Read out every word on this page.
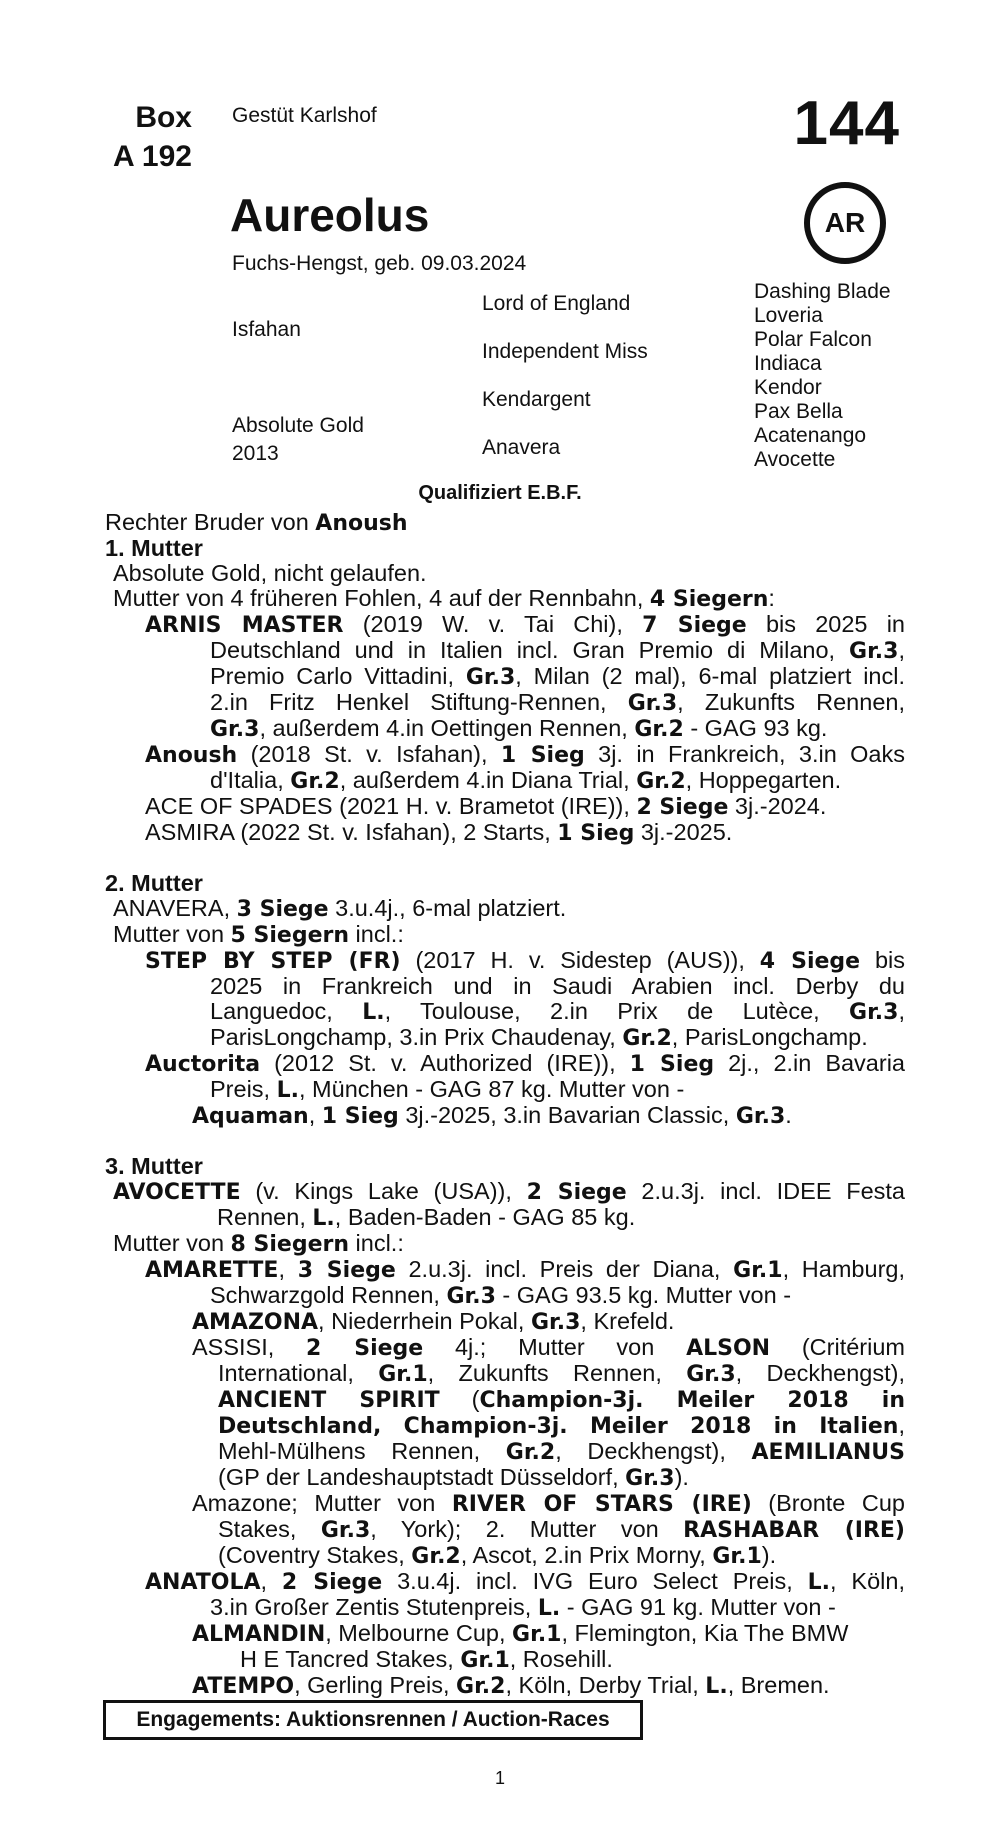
Box
A 192
Gestüt Karlshof	144
AR
Aureolus
Fuchs-Hengst, geb. 09.03.2024
Isfahan
Absolute Gold
2013
Lord of England
Independent Miss
Kendargent
Anavera
Dashing Blade
Loveria
Polar Falcon
Indiaca
Kendor
Pax Bella
Acatenango
Avocette
Qualifiziert E.B.F.
Rechter Bruder von Anoush
1. Mutter
Absolute Gold, nicht gelaufen.
Mutter von 4 früheren Fohlen, 4 auf der Rennbahn, 4 Siegern:
ARNIS MASTER (2019 W. v. Tai Chi), 7 Siege bis 2025 in
Deutschland und in Italien incl. Gran Premio di Milano, Gr.3,
Premio Carlo Vittadini, Gr.3, Milan (2 mal), 6-mal platziert incl.
2.in Fritz Henkel Stiftung-Rennen, Gr.3, Zukunfts Rennen,
Gr.3, außerdem 4.in Oettingen Rennen, Gr.2 - GAG 93 kg.
Anoush (2018 St. v. Isfahan), 1 Sieg 3j. in Frankreich, 3.in Oaks
d'Italia, Gr.2, außerdem 4.in Diana Trial, Gr.2, Hoppegarten.
ACE OF SPADES (2021 H. v. Brametot (IRE)), 2 Siege 3j.-2024.
ASMIRA (2022 St. v. Isfahan), 2 Starts, 1 Sieg 3j.-2025.
2. Mutter
ANAVERA, 3 Siege 3.u.4j., 6-mal platziert.
Mutter von 5 Siegern incl.:
STEP BY STEP (FR) (2017 H. v. Sidestep (AUS)), 4 Siege bis
2025 in Frankreich und in Saudi Arabien incl. Derby du
Languedoc, L., Toulouse, 2.in Prix de Lutèce, Gr.3,
ParisLongchamp, 3.in Prix Chaudenay, Gr.2, ParisLongchamp.
Auctorita (2012 St. v. Authorized (IRE)), 1 Sieg 2j., 2.in Bavaria
Preis, L., München - GAG 87 kg. Mutter von -
Aquaman, 1 Sieg 3j.-2025, 3.in Bavarian Classic, Gr.3.
3. Mutter
AVOCETTE (v. Kings Lake (USA)), 2 Siege 2.u.3j. incl. IDEE Festa
Rennen, L., Baden-Baden - GAG 85 kg.
Mutter von 8 Siegern incl.:
AMARETTE, 3 Siege 2.u.3j. incl. Preis der Diana, Gr.1, Hamburg,
Schwarzgold Rennen, Gr.3 - GAG 93.5 kg. Mutter von -
AMAZONA, Niederrhein Pokal, Gr.3, Krefeld.
ASSISI, 2 Siege 4j.; Mutter von ALSON (Critérium
International, Gr.1, Zukunfts Rennen, Gr.3, Deckhengst),
ANCIENT SPIRIT (Champion-3j. Meiler 2018 in
Deutschland, Champion-3j. Meiler 2018 in Italien,
Mehl-Mülhens Rennen, Gr.2, Deckhengst), AEMILIANUS
(GP der Landeshauptstadt Düsseldorf, Gr.3).
Amazone; Mutter von RIVER OF STARS (IRE) (Bronte Cup
Stakes, Gr.3, York); 2. Mutter von RASHABAR (IRE)
(Coventry Stakes, Gr.2, Ascot, 2.in Prix Morny, Gr.1).
ANATOLA, 2 Siege 3.u.4j. incl. IVG Euro Select Preis, L., Köln,
3.in Großer Zentis Stutenpreis, L. - GAG 91 kg. Mutter von -
ALMANDIN, Melbourne Cup, Gr.1, Flemington, Kia The BMW
H E Tancred Stakes, Gr.1, Rosehill.
ATEMPO, Gerling Preis, Gr.2, Köln, Derby Trial, L., Bremen.
Engagements: Auktionsrennen / Auction-Races
1
